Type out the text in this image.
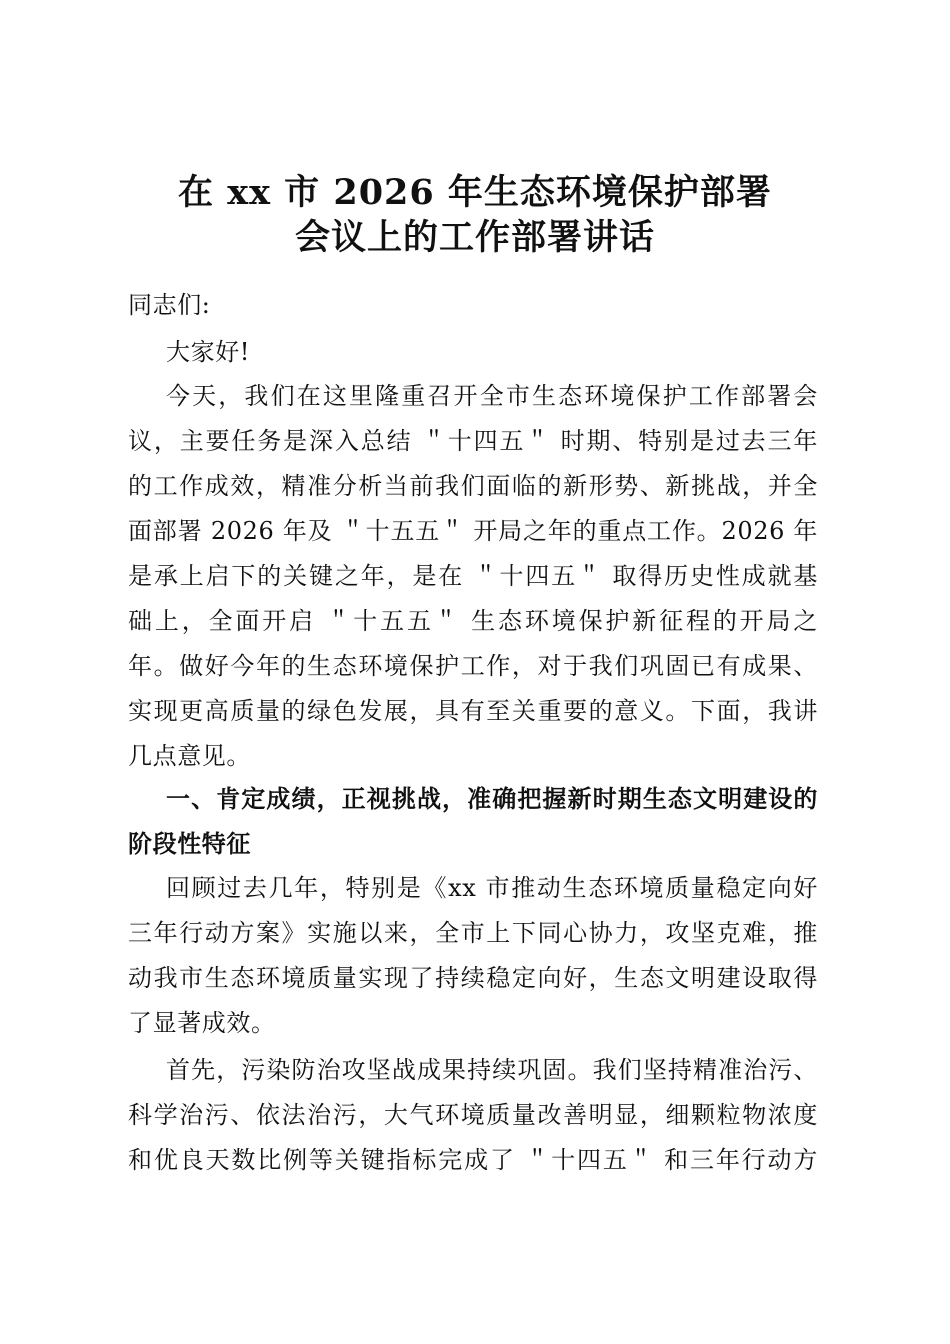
在 xx 市 2026 年生态环境保护部署
会议上的工作部署讲话
同志们:
大家好!
今天，我们在这里隆重召开全市生态环境保护工作部署会
议，主要任务是深入总结 ＂十四五＂ 时期、特别是过去三年
的工作成效，精准分析当前我们面临的新形势、新挑战，并全
面部署 2026 年及 ＂十五五＂ 开局之年的重点工作。2026 年
是承上启下的关键之年，是在 ＂十四五＂ 取得历史性成就基
础上，全面开启 ＂十五五＂ 生态环境保护新征程的开局之
年。做好今年的生态环境保护工作，对于我们巩固已有成果、
实现更高质量的绿色发展，具有至关重要的意义。下面，我讲
几点意见。
一、肯定成绩，正视挑战，准确把握新时期生态文明建设的
阶段性特征
回顾过去几年，特别是《xx 市推动生态环境质量稳定向好
三年行动方案》实施以来，全市上下同心协力，攻坚克难，推
动我市生态环境质量实现了持续稳定向好，生态文明建设取得
了显著成效。
首先，污染防治攻坚战成果持续巩固。我们坚持精准治污、
科学治污、依法治污，大气环境质量改善明显，细颗粒物浓度
和优良天数比例等关键指标完成了 ＂十四五＂ 和三年行动方
